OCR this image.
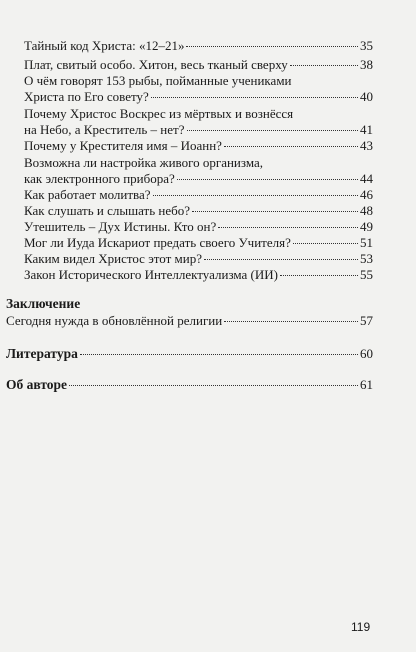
Тайный код Христа: «12–21»	35
Плат, свитый особо. Хитон, весь тканый сверху	38
О чём говорят 153 рыбы, пойманные учениками
Христа по Его совету?	40
Почему Христос Воскрес из мёртвых и вознёсся
на Небо, а Креститель – нет?	41
Почему у Крестителя имя – Иоанн?	43
Возможна ли настройка живого организма,
как электронного прибора?	44
Как работает молитва?	46
Как слушать и слышать небо?	48
Утешитель – Дух Истины. Кто он?	49
Мог ли Иуда Искариот предать своего Учителя?	51
Каким видел Христос этот мир?	53
Закон Исторического Интеллектуализма (ИИ)	55
Заключение
Сегодня нужда в обновлённой религии	57
Литература	60
Об авторе	61
119
